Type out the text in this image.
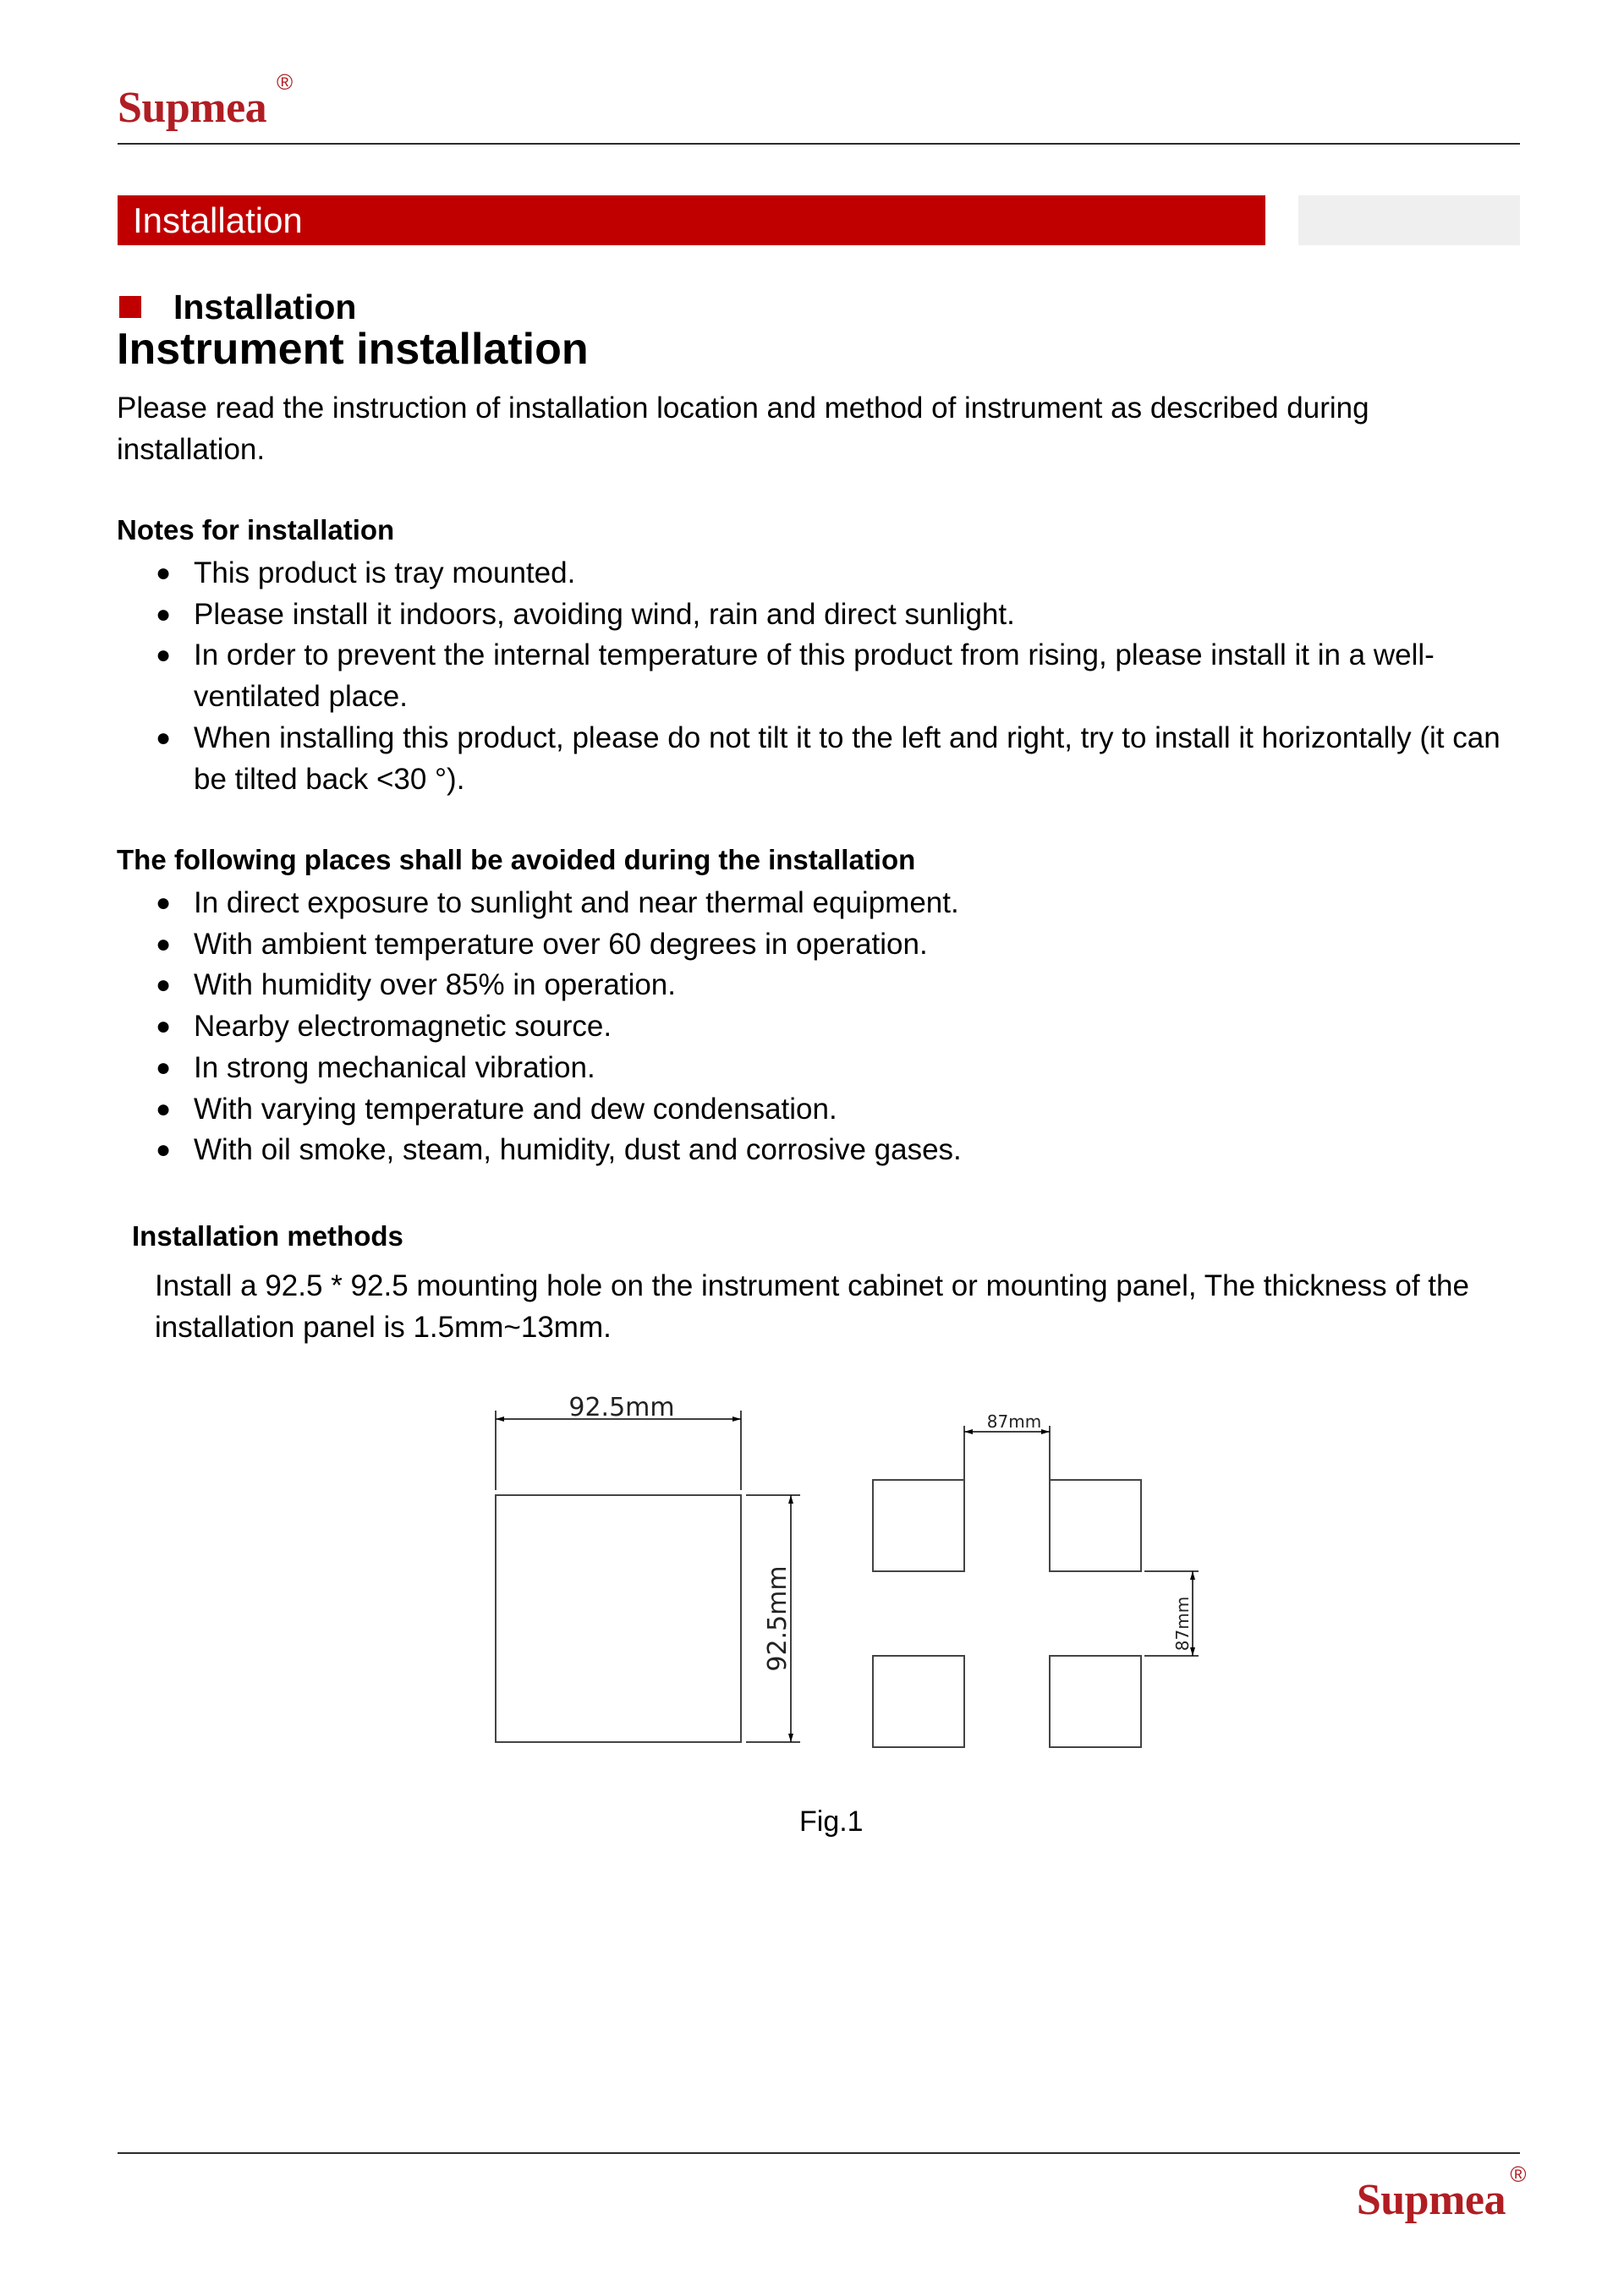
Supmea
®
Installation
Installation
Instrument installation
Please read the instruction of installation location and method of instrument as described during installation.
Notes for installation
● This product is tray mounted.
● Please install it indoors, avoiding wind, rain and direct sunlight.
● In order to prevent the internal temperature of this product from rising, please install it in a well-ventilated place.
● When installing this product, please do not tilt it to the left and right, try to install it horizontally (it can be tilted back <30 °).
The following places shall be avoided during the installation
● In direct exposure to sunlight and near thermal equipment.
● With ambient temperature over 60 degrees in operation.
● With humidity over 85% in operation.
● Nearby electromagnetic source.
● In strong mechanical vibration.
● With varying temperature and dew condensation.
● With oil smoke, steam, humidity, dust and corrosive gases.
Installation methods
Install a 92.5 * 92.5 mounting hole on the instrument cabinet or mounting panel, The thickness of the installation panel is 1.5mm~13mm.
92.5mm
92.5mm
87mm
87mm
Fig.1
Supmea
®
